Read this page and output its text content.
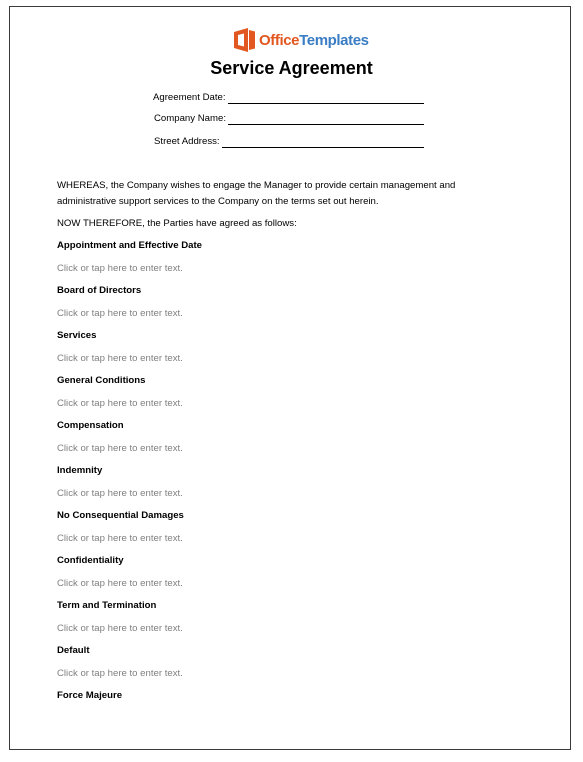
OfficeTemplates
Service Agreement
Agreement Date:
Company Name:
Street Address:
WHEREAS, the Company wishes to engage the Manager to provide certain management and administrative support services to the Company on the terms set out herein.
NOW THEREFORE, the Parties have agreed as follows:
Appointment and Effective Date
Click or tap here to enter text.
Board of Directors
Click or tap here to enter text.
Services
Click or tap here to enter text.
General Conditions
Click or tap here to enter text.
Compensation
Click or tap here to enter text.
Indemnity
Click or tap here to enter text.
No Consequential Damages
Click or tap here to enter text.
Confidentiality
Click or tap here to enter text.
Term and Termination
Click or tap here to enter text.
Default
Click or tap here to enter text.
Force Majeure
